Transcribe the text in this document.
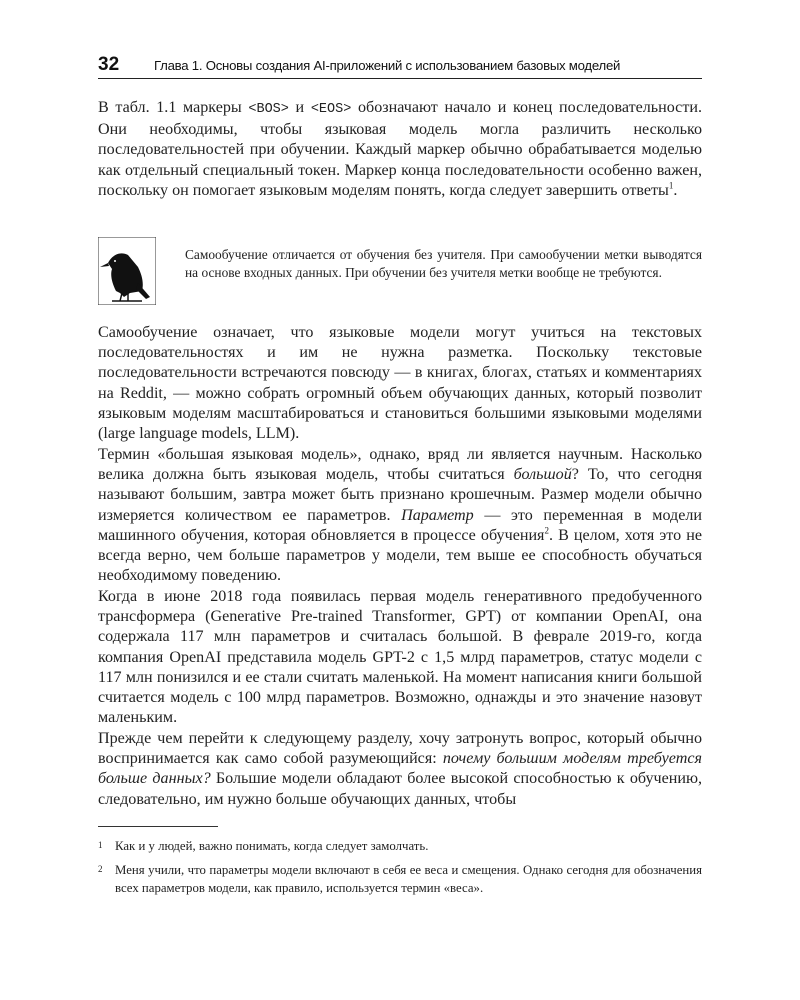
32	Глава 1. Основы создания AI-приложений с использованием базовых моделей

В табл. 1.1 маркеры <BOS> и <EOS> обозначают начало и конец последовательности. Они необходимы, чтобы языковая модель могла различить несколько последовательностей при обучении. Каждый маркер обычно обрабатывается моделью как отдельный специальный токен. Маркер конца последовательности особенно важен, поскольку он помогает языковым моделям понять, когда следует завершить ответы$^1$.

Самообучение отличается от обучения без учителя. При самообучении метки выводятся на основе входных данных. При обучении без учителя метки вообще не требуются.

Самообучение означает, что языковые модели могут учиться на текстовых последовательностях и им не нужна разметка. Поскольку текстовые последовательности встречаются повсюду — в книгах, блогах, статьях и комментариях на Reddit, — можно собрать огромный объем обучающих данных, который позволит языковым моделям масштабироваться и становиться большими языковыми моделями (large language models, LLM).

Термин «большая языковая модель», однако, вряд ли является научным. Насколько велика должна быть языковая модель, чтобы считаться большой? То, что сегодня называют большим, завтра может быть признано крошечным. Размер модели обычно измеряется количеством ее параметров. Параметр — это переменная в модели машинного обучения, которая обновляется в процессе обучения$^2$. В целом, хотя это не всегда верно, чем больше параметров у модели, тем выше ее способность обучаться необходимому поведению.

Когда в июне 2018 года появилась первая модель генеративного предобученного трансформера (Generative Pre-trained Transformer, GPT) от компании OpenAI, она содержала 117 млн параметров и считалась большой. В феврале 2019-го, когда компания OpenAI представила модель GPT-2 с 1,5 млрд параметров, статус модели с 117 млн понизился и ее стали считать маленькой. На момент написания книги большой считается модель с 100 млрд параметров. Возможно, однажды и это значение назовут маленьким.

Прежде чем перейти к следующему разделу, хочу затронуть вопрос, который обычно воспринимается как само собой разумеющийся: почему большим моделям требуется больше данных? Большие модели обладают более высокой способностью к обучению, следовательно, им нужно больше обучающих данных, чтобы

1 Как и у людей, важно понимать, когда следует замолчать.
2 Меня учили, что параметры модели включают в себя ее веса и смещения. Однако сегодня для обозначения всех параметров модели, как правило, используется термин «веса».
